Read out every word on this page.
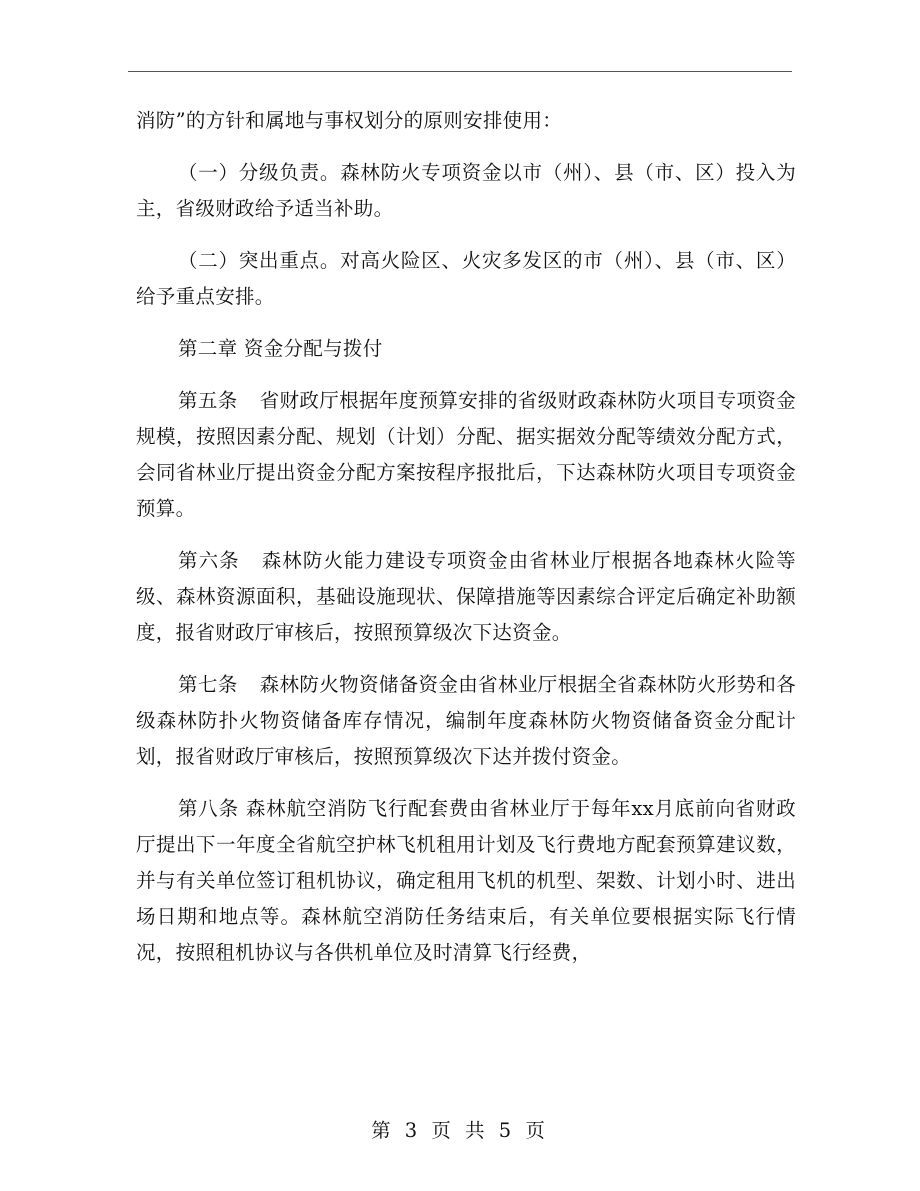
消防”的方针和属地与事权划分的原则安排使用：

（一）分级负责。森林防火专项资金以市（州）、县（市、区）投入为主，省级财政给予适当补助。

（二）突出重点。对高火险区、火灾多发区的市（州）、县（市、区）给予重点安排。

第二章 资金分配与拨付

第五条 省财政厅根据年度预算安排的省级财政森林防火项目专项资金规模，按照因素分配、规划（计划）分配、据实据效分配等绩效分配方式，会同省林业厅提出资金分配方案按程序报批后，下达森林防火项目专项资金预算。

第六条 森林防火能力建设专项资金由省林业厅根据各地森林火险等级、森林资源面积，基础设施现状、保障措施等因素综合评定后确定补助额度，报省财政厅审核后，按照预算级次下达资金。

第七条 森林防火物资储备资金由省林业厅根据全省森林防火形势和各级森林防扑火物资储备库存情况，编制年度森林防火物资储备资金分配计划，报省财政厅审核后，按照预算级次下达并拨付资金。

第八条 森林航空消防飞行配套费由省林业厅于每年xx月底前向省财政厅提出下一年度全省航空护林飞机租用计划及飞行费地方配套预算建议数，并与有关单位签订租机协议，确定租用飞机的机型、架数、计划小时、进出场日期和地点等。森林航空消防任务结束后，有关单位要根据实际飞行情况，按照租机协议与各供机单位及时清算飞行经费，

第 3 页 共 5 页
